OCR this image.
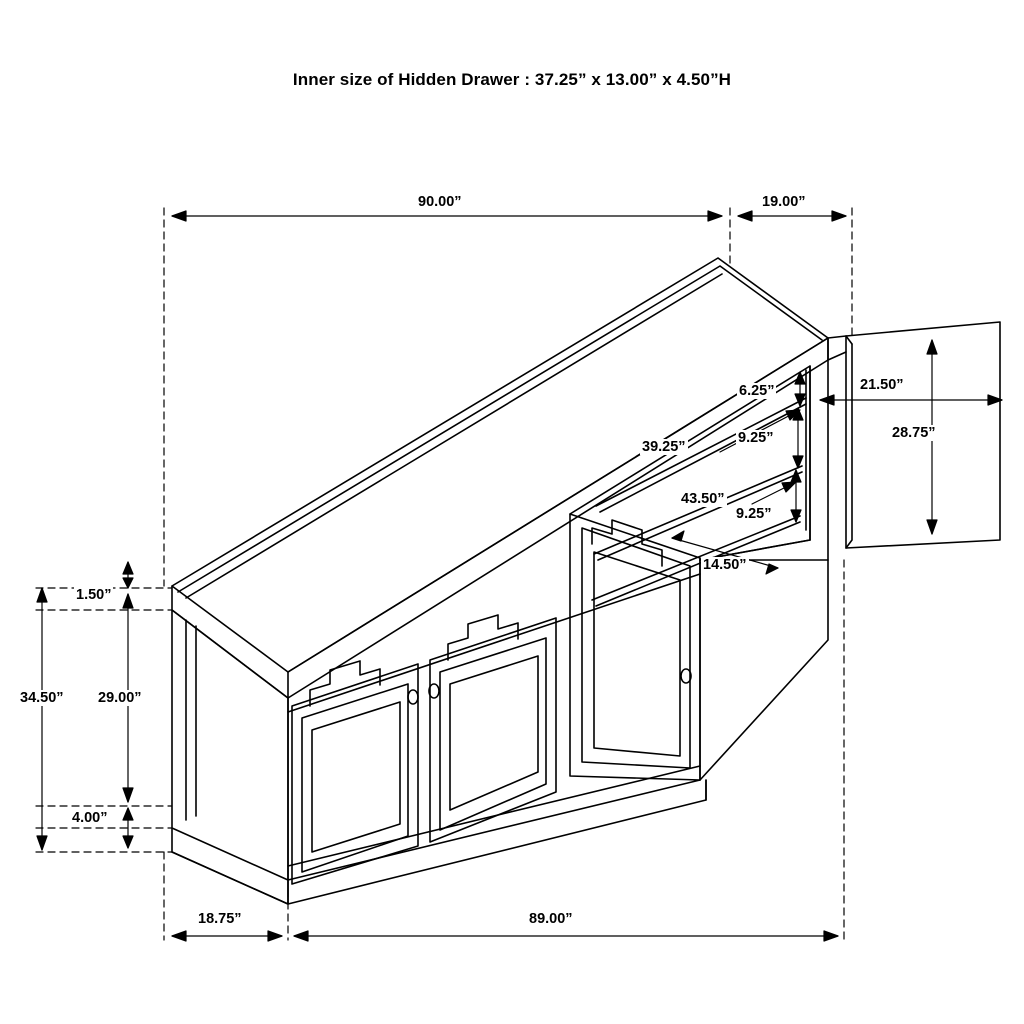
Inner size of Hidden Drawer : 37.25” x 13.00” x 4.50”H
90.00”	19.00”
21.50”
28.75”
6.25”
9.25”
9.25”
39.25”
43.50”
14.50”
1.50”
29.00”
34.50”
4.00”
18.75”	89.00”
